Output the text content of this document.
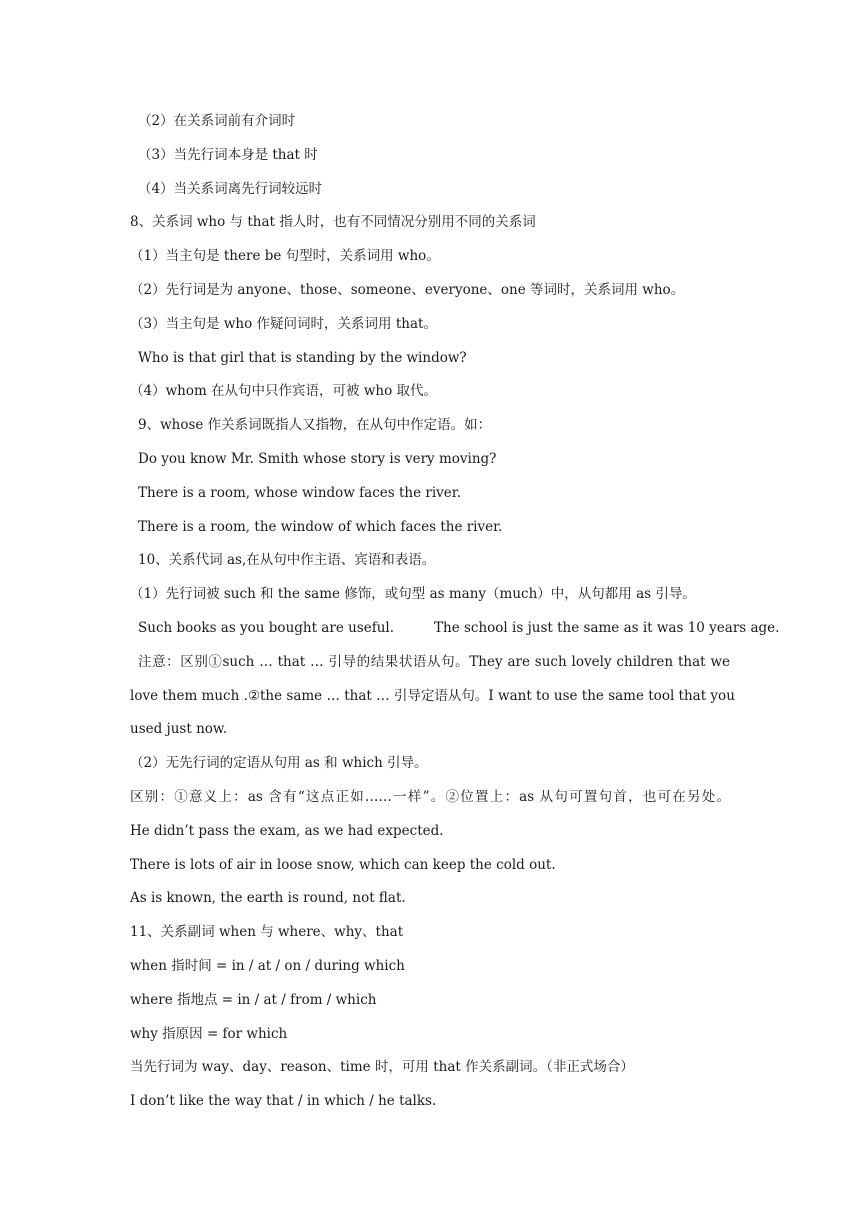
（2）在关系词前有介词时
（3）当先行词本身是 that 时
（4）当关系词离先行词较远时
8、关系词 who 与 that 指人时，也有不同情况分别用不同的关系词
（1）当主句是 there be 句型时，关系词用 who。
（2）先行词是为 anyone、those、someone、everyone、one 等词时，关系词用 who。
（3）当主句是 who 作疑问词时，关系词用 that。
Who is that girl that is standing by the window?
（4）whom 在从句中只作宾语，可被 who 取代。
9、whose 作关系词既指人又指物，在从句中作定语。如：
Do you know Mr. Smith whose story is very moving?
There is a room, whose window faces the river.
There is a room, the window of which faces the river.
10、关系代词 as,在从句中作主语、宾语和表语。
（1）先行词被 such 和 the same 修饰，或句型 as many（much）中，从句都用 as 引导。
Such books as you bought are useful.	The school is just the same as it was 10 years age.
注意：区别①such … that … 引导的结果状语从句。They are such lovely children that we
love them much .②the same … that … 引导定语从句。I want to use the same tool that you
used just now.
（2）无先行词的定语从句用 as 和 which 引导。
区别：①意义上：as 含有“这点正如……一样”。②位置上：as 从句可置句首，也可在另处。
He didn’t pass the exam, as we had expected.
There is lots of air in loose snow, which can keep the cold out.
As is known, the earth is round, not flat.
11、关系副词 when 与 where、why、that
when 指时间 = in / at / on / during which
where 指地点 = in / at / from / which
why 指原因 = for which
当先行词为 way、day、reason、time 时，可用 that 作关系副词。（非正式场合）
I don’t like the way that / in which / he talks.
